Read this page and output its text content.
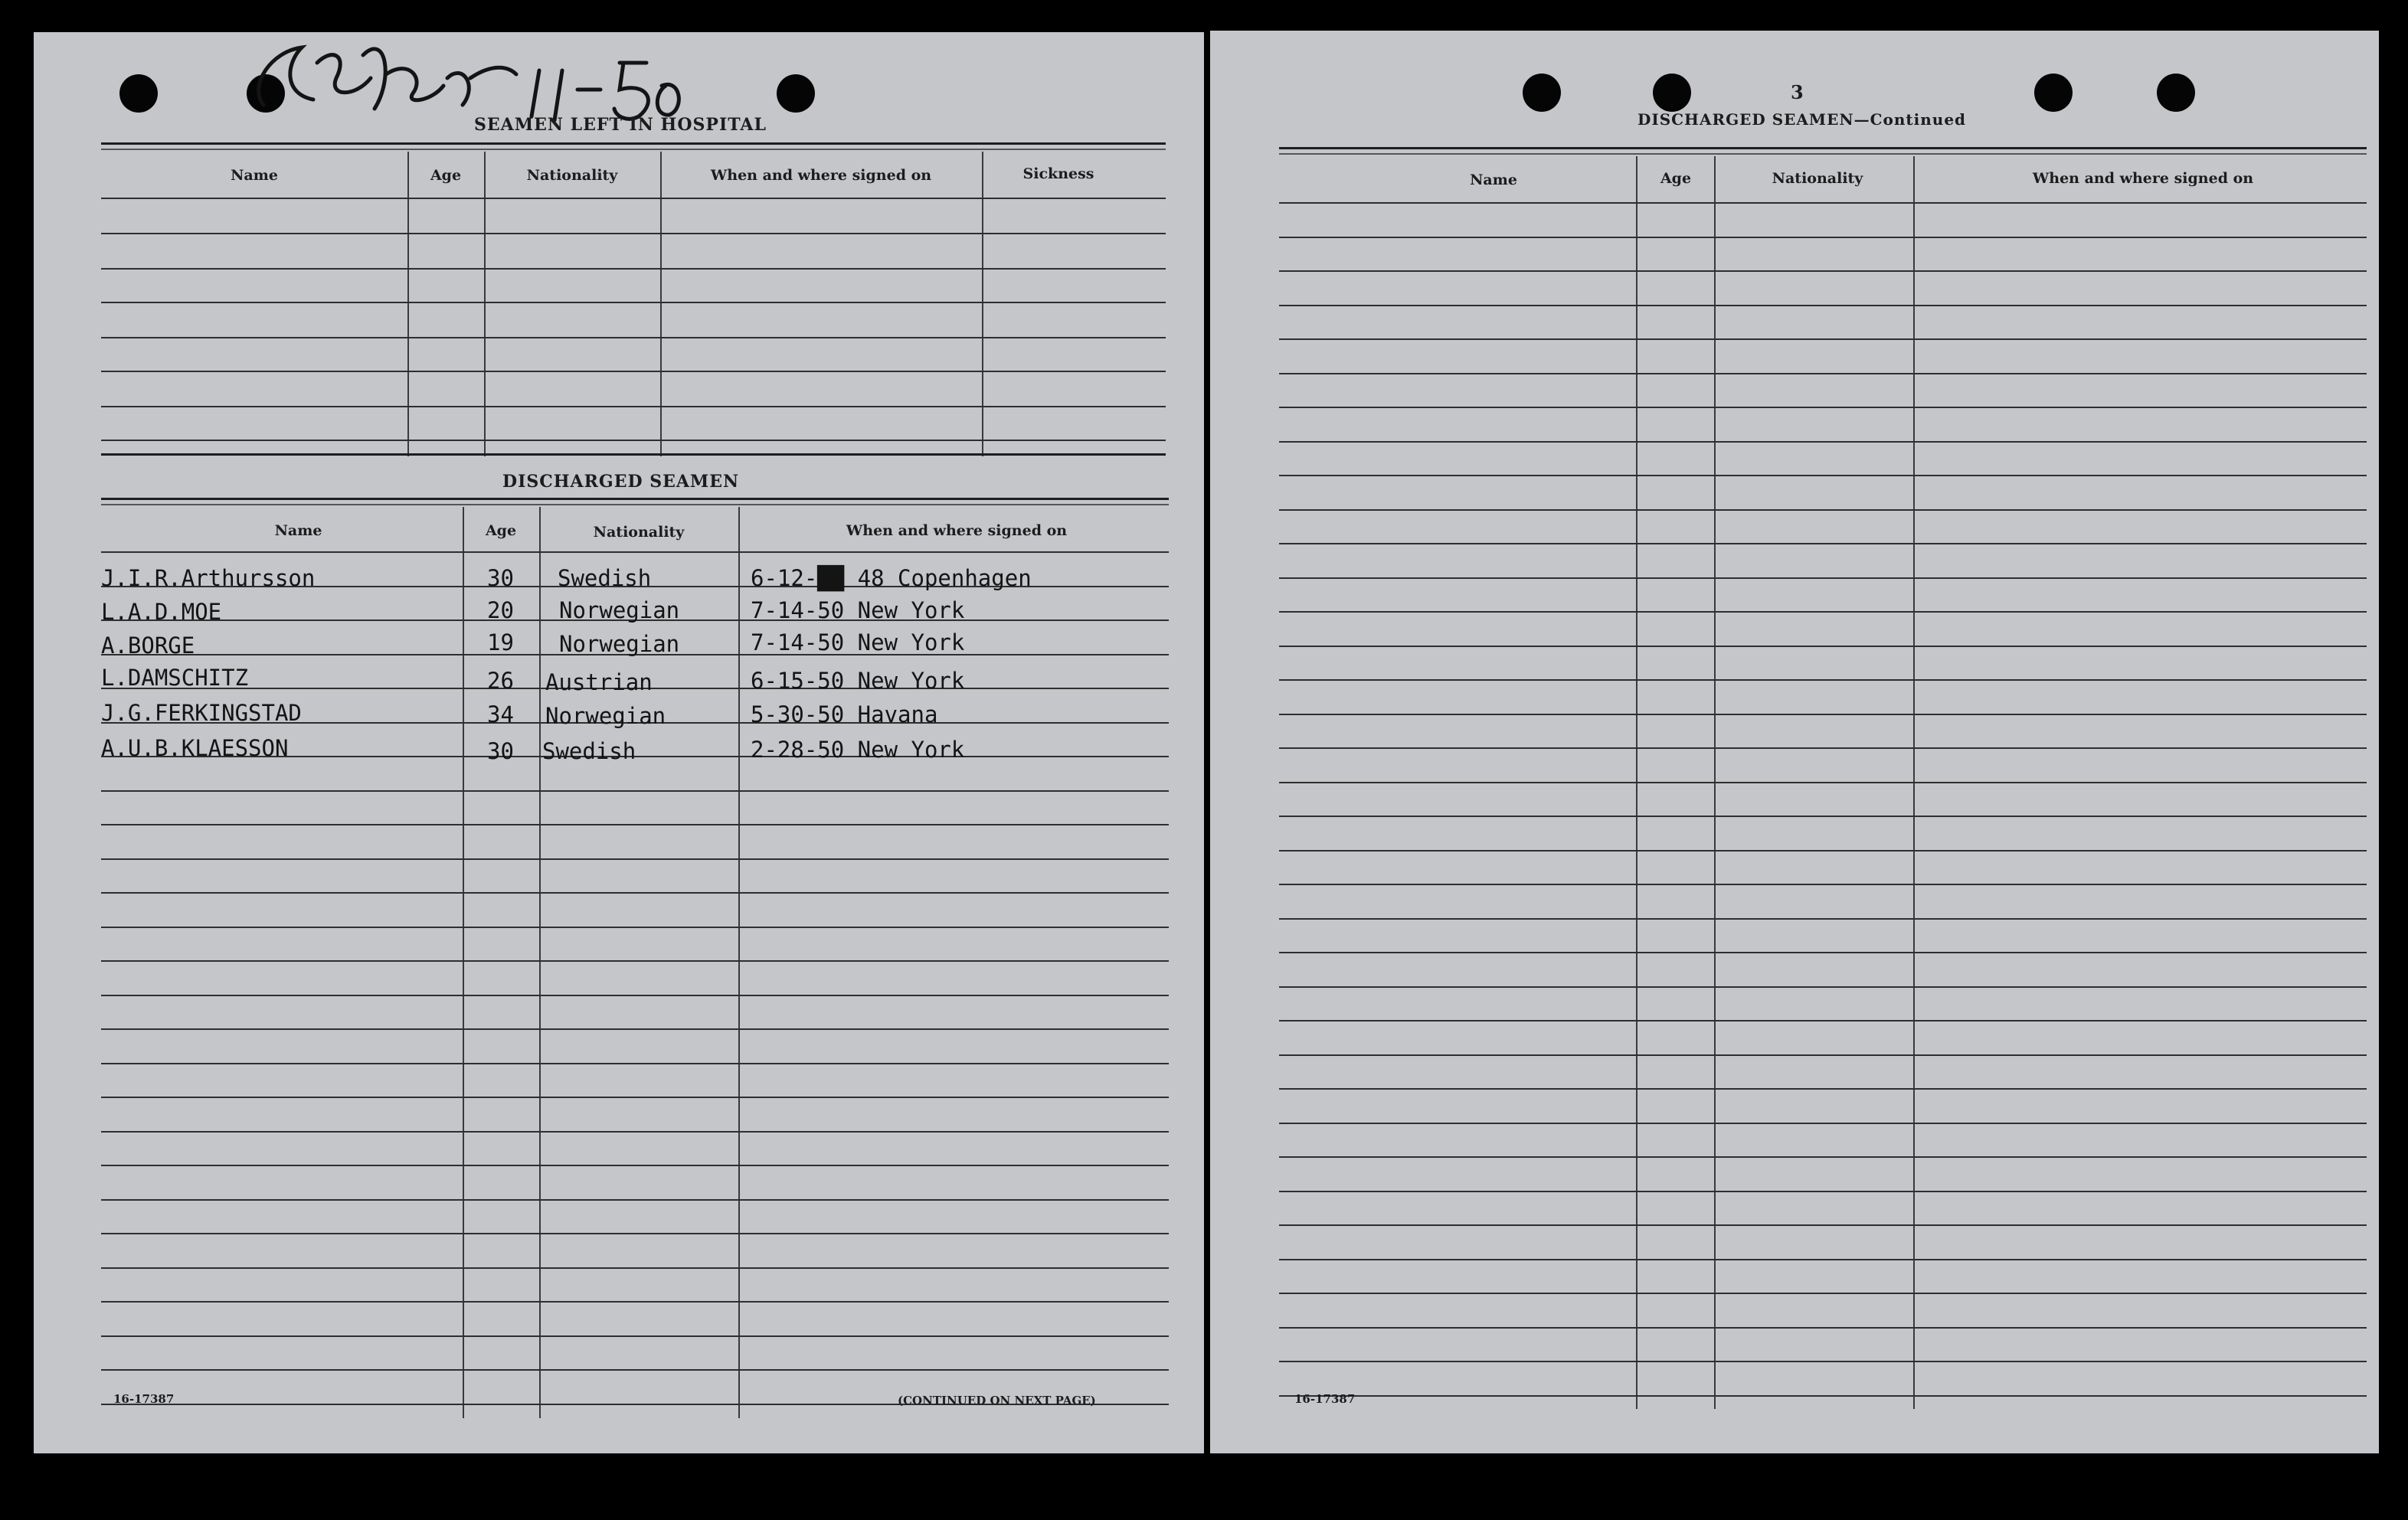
SEAMEN LEFT IN HOSPITAL
Name	Age	Nationality	When and where signed on	Sickness
DISCHARGED SEAMEN
Name	Age	Nationality	When and where signed on
J.I.R.Arthursson	30 Swedish	6-12-██ 48 Copenhagen
L.A.D.MOE	20 Norwegian	7-14-50 New York
A.BORGE	19 Norwegian	7-14-50 New York
L.DAMSCHITZ	26 Austrian	6-15-50 New York
J.G.FERKINGSTAD	34 Norwegian	5-30-50 Havana
A.U.B.KLAESSON	30 Swedish	2-28-50 New York
16-17387	(CONTINUED ON NEXT PAGE)
3
DISCHARGED SEAMEN—Continued
Name	Age	Nationality	When and where signed on
16-17387
